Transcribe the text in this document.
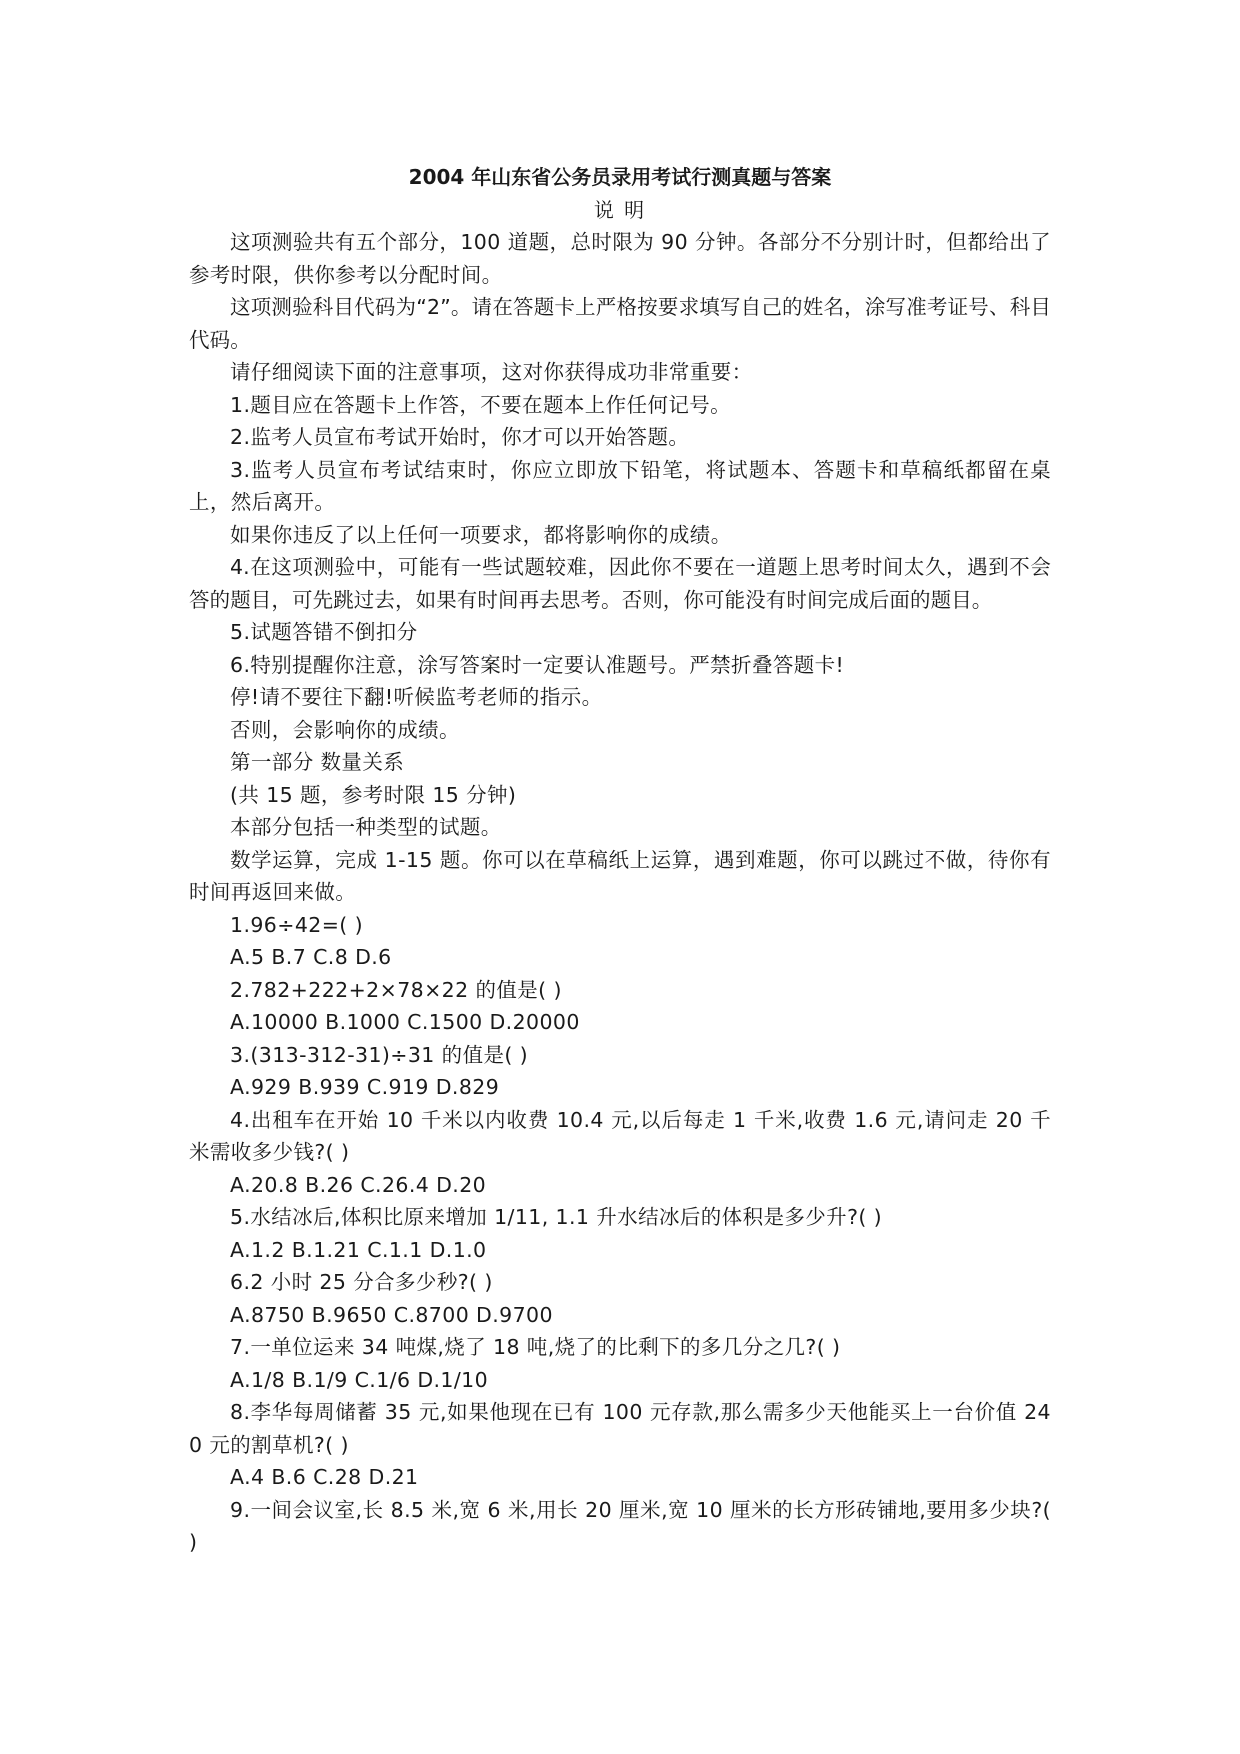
2004 年山东省公务员录用考试行测真题与答案
说 明

这项测验共有五个部分，100 道题，总时限为 90 分钟。各部分不分别计时，但都给出了参考时限，供你参考以分配时间。

这项测验科目代码为“2”。请在答题卡上严格按要求填写自己的姓名，涂写准考证号、科目代码。

请仔细阅读下面的注意事项，这对你获得成功非常重要：

1.题目应在答题卡上作答，不要在题本上作任何记号。

2.监考人员宣布考试开始时，你才可以开始答题。

3.监考人员宣布考试结束时，你应立即放下铅笔，将试题本、答题卡和草稿纸都留在桌上，然后离开。

如果你违反了以上任何一项要求，都将影响你的成绩。

4.在这项测验中，可能有一些试题较难，因此你不要在一道题上思考时间太久，遇到不会答的题目，可先跳过去，如果有时间再去思考。否则，你可能没有时间完成后面的题目。

5.试题答错不倒扣分

6.特别提醒你注意，涂写答案时一定要认准题号。严禁折叠答题卡!

停!请不要往下翻!听候监考老师的指示。

否则，会影响你的成绩。

第一部分 数量关系

(共 15 题，参考时限 15 分钟)

本部分包括一种类型的试题。

数学运算，完成 1-15 题。你可以在草稿纸上运算，遇到难题，你可以跳过不做，待你有时间再返回来做。

1.96÷42=( )

A.5 B.7 C.8 D.6

2.782+222+2×78×22 的值是( )

A.10000 B.1000 C.1500 D.20000

3.(313-312-31)÷31 的值是( )

A.929 B.939 C.919 D.829

4.出租车在开始 10 千米以内收费 10.4 元,以后每走 1 千米,收费 1.6 元,请问走 20 千米需收多少钱?( )

A.20.8 B.26 C.26.4 D.20

5.水结冰后,体积比原来增加 1/11, 1.1 升水结冰后的体积是多少升?( )

A.1.2 B.1.21 C.1.1 D.1.0

6.2 小时 25 分合多少秒?( )

A.8750 B.9650 C.8700 D.9700

7.一单位运来 34 吨煤,烧了 18 吨,烧了的比剩下的多几分之几?( )

A.1/8 B.1/9 C.1/6 D.1/10

8.李华每周储蓄 35 元,如果他现在已有 100 元存款,那么需多少天他能买上一台价值 240 元的割草机?( )

A.4 B.6 C.28 D.21

9.一间会议室,长 8.5 米,宽 6 米,用长 20 厘米,宽 10 厘米的长方形砖铺地,要用多少块?( )
